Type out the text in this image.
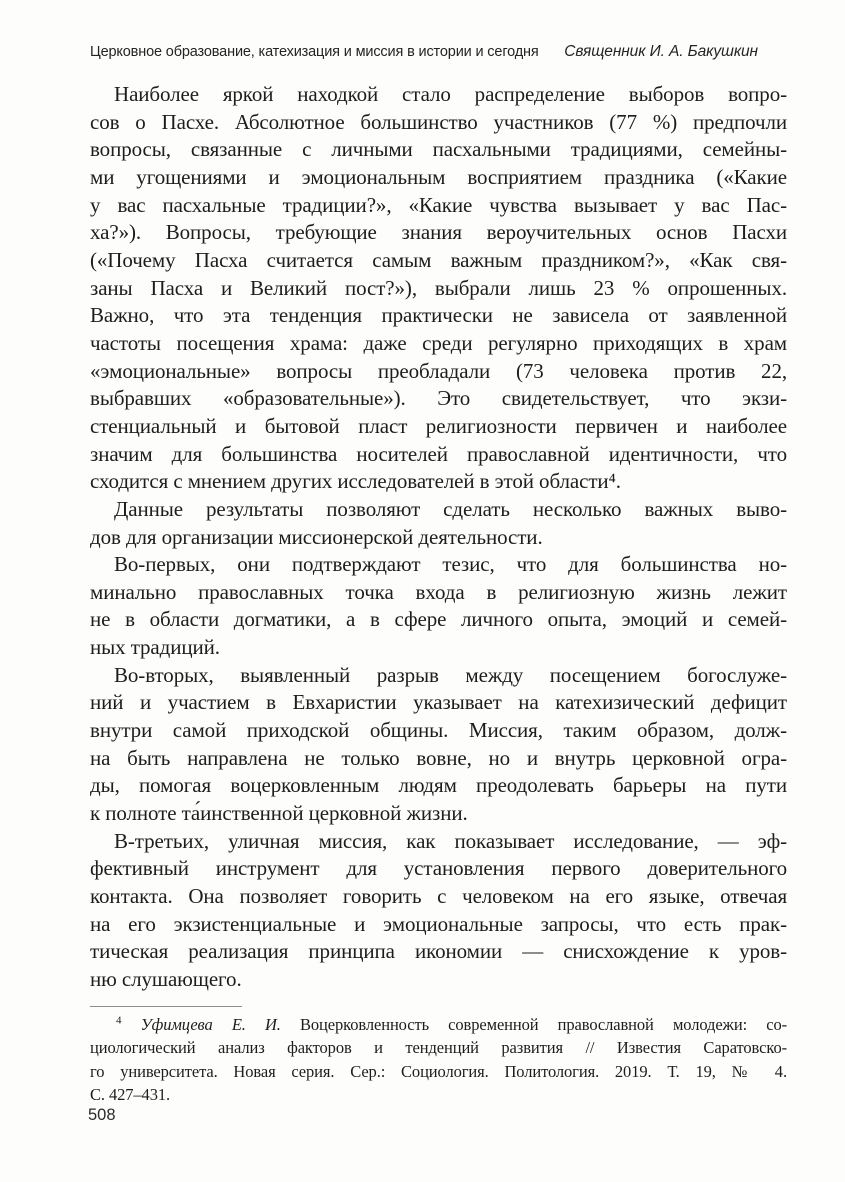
Церковное образование, катехизация и миссия в истории и сегодня Священник И. А. Бакушкин
Наиболее яркой находкой стало распределение выборов вопро-
сов о Пасхе. Абсолютное большинство участников (77 %) предпочли
вопросы, связанные с личными пасхальными традициями, семейны-
ми угощениями и эмоциональным восприятием праздника («Какие
у вас пасхальные традиции?», «Какие чувства вызывает у вас Пас-
ха?»). Вопросы, требующие знания вероучительных основ Пасхи
(«Почему Пасха считается самым важным праздником?», «Как свя-
заны Пасха и Великий пост?»), выбрали лишь 23 % опрошенных.
Важно, что эта тенденция практически не зависела от заявленной
частоты посещения храма: даже среди регулярно приходящих в храм
«эмоциональные» вопросы преобладали (73 человека против 22,
выбравших «образовательные»). Это свидетельствует, что экзи-
стенциальный и бытовой пласт религиозности первичен и наиболее
значим для большинства носителей православной идентичности, что
сходится с мнением других исследователей в этой области⁴.
Данные результаты позволяют сделать несколько важных выво-
дов для организации миссионерской деятельности.
Во-первых, они подтверждают тезис, что для большинства но-
минально православных точка входа в религиозную жизнь лежит
не в области догматики, а в сфере личного опыта, эмоций и семей-
ных традиций.
Во-вторых, выявленный разрыв между посещением богослуже-
ний и участием в Евхаристии указывает на катехизический дефицит
внутри самой приходской общины. Миссия, таким образом, долж-
на быть направлена не только вовне, но и внутрь церковной огра-
ды, помогая воцерковленным людям преодолевать барьеры на пути
к полноте та́инственной церковной жизни.
В-третьих, уличная миссия, как показывает исследование, — эф-
фективный инструмент для установления первого доверительного
контакта. Она позволяет говорить с человеком на его языке, отвечая
на его экзистенциальные и эмоциональные запросы, что есть прак-
тическая реализация принципа икономии — снисхождение к уров-
ню слушающего.
$^4$ Уфимцева Е. И. Воцерковленность современной православной молодежи: со-
циологический анализ факторов и тенденций развития // Известия Саратовско-
го университета. Новая серия. Сер.: Социология. Политология. 2019. Т. 19, № 4.
С. 427–431.
508
